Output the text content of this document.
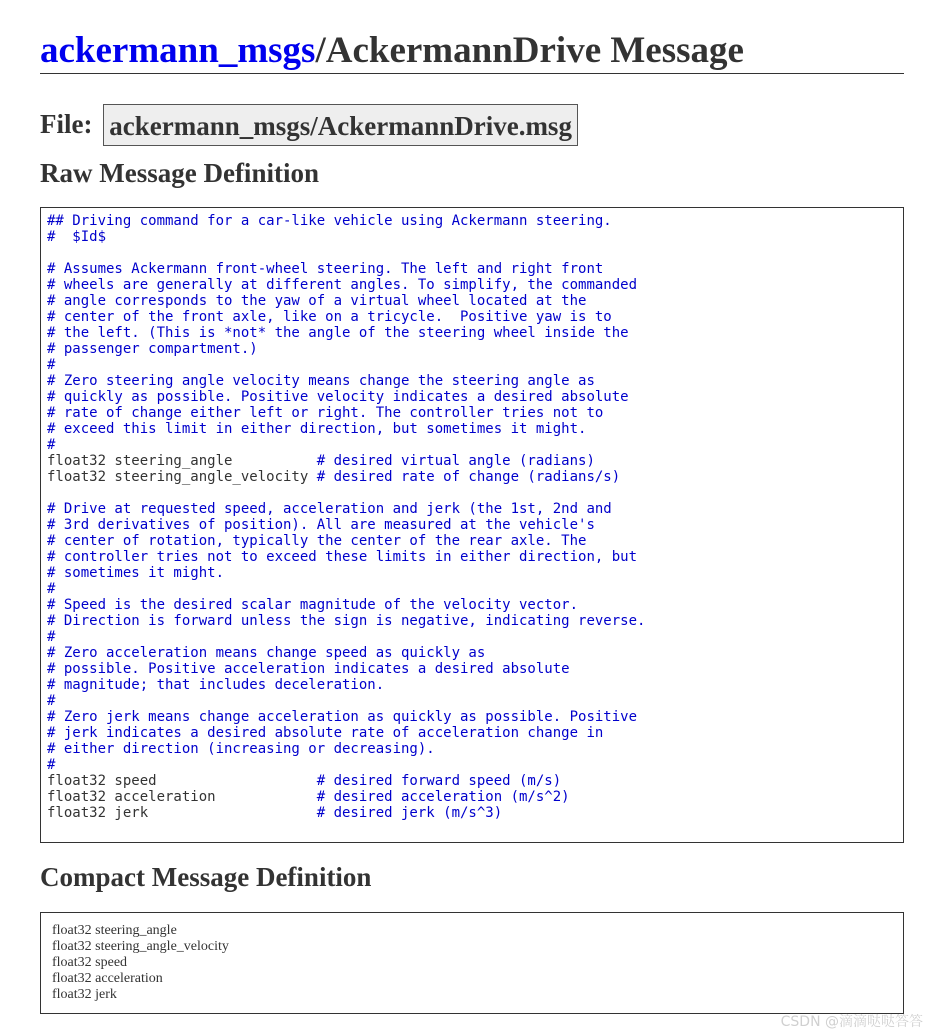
ackermann_msgs/AckermannDrive Message
File: ackermann_msgs/AckermannDrive.msg
Raw Message Definition
## Driving command for a car-like vehicle using Ackermann steering.
#  $Id$

# Assumes Ackermann front-wheel steering. The left and right front
# wheels are generally at different angles. To simplify, the commanded
# angle corresponds to the yaw of a virtual wheel located at the
# center of the front axle, like on a tricycle.  Positive yaw is to
# the left. (This is *not* the angle of the steering wheel inside the
# passenger compartment.)
#
# Zero steering angle velocity means change the steering angle as
# quickly as possible. Positive velocity indicates a desired absolute
# rate of change either left or right. The controller tries not to
# exceed this limit in either direction, but sometimes it might.
#
float32 steering_angle          # desired virtual angle (radians)
float32 steering_angle_velocity # desired rate of change (radians/s)

# Drive at requested speed, acceleration and jerk (the 1st, 2nd and
# 3rd derivatives of position). All are measured at the vehicle's
# center of rotation, typically the center of the rear axle. The
# controller tries not to exceed these limits in either direction, but
# sometimes it might.
#
# Speed is the desired scalar magnitude of the velocity vector.
# Direction is forward unless the sign is negative, indicating reverse.
#
# Zero acceleration means change speed as quickly as
# possible. Positive acceleration indicates a desired absolute
# magnitude; that includes deceleration.
#
# Zero jerk means change acceleration as quickly as possible. Positive
# jerk indicates a desired absolute rate of acceleration change in
# either direction (increasing or decreasing).
#
float32 speed                   # desired forward speed (m/s)
float32 acceleration            # desired acceleration (m/s^2)
float32 jerk                    # desired jerk (m/s^3)

Compact Message Definition
float32 steering_angle
float32 steering_angle_velocity
float32 speed
float32 acceleration
float32 jerk
CSDN @滴滴哒哒答答
